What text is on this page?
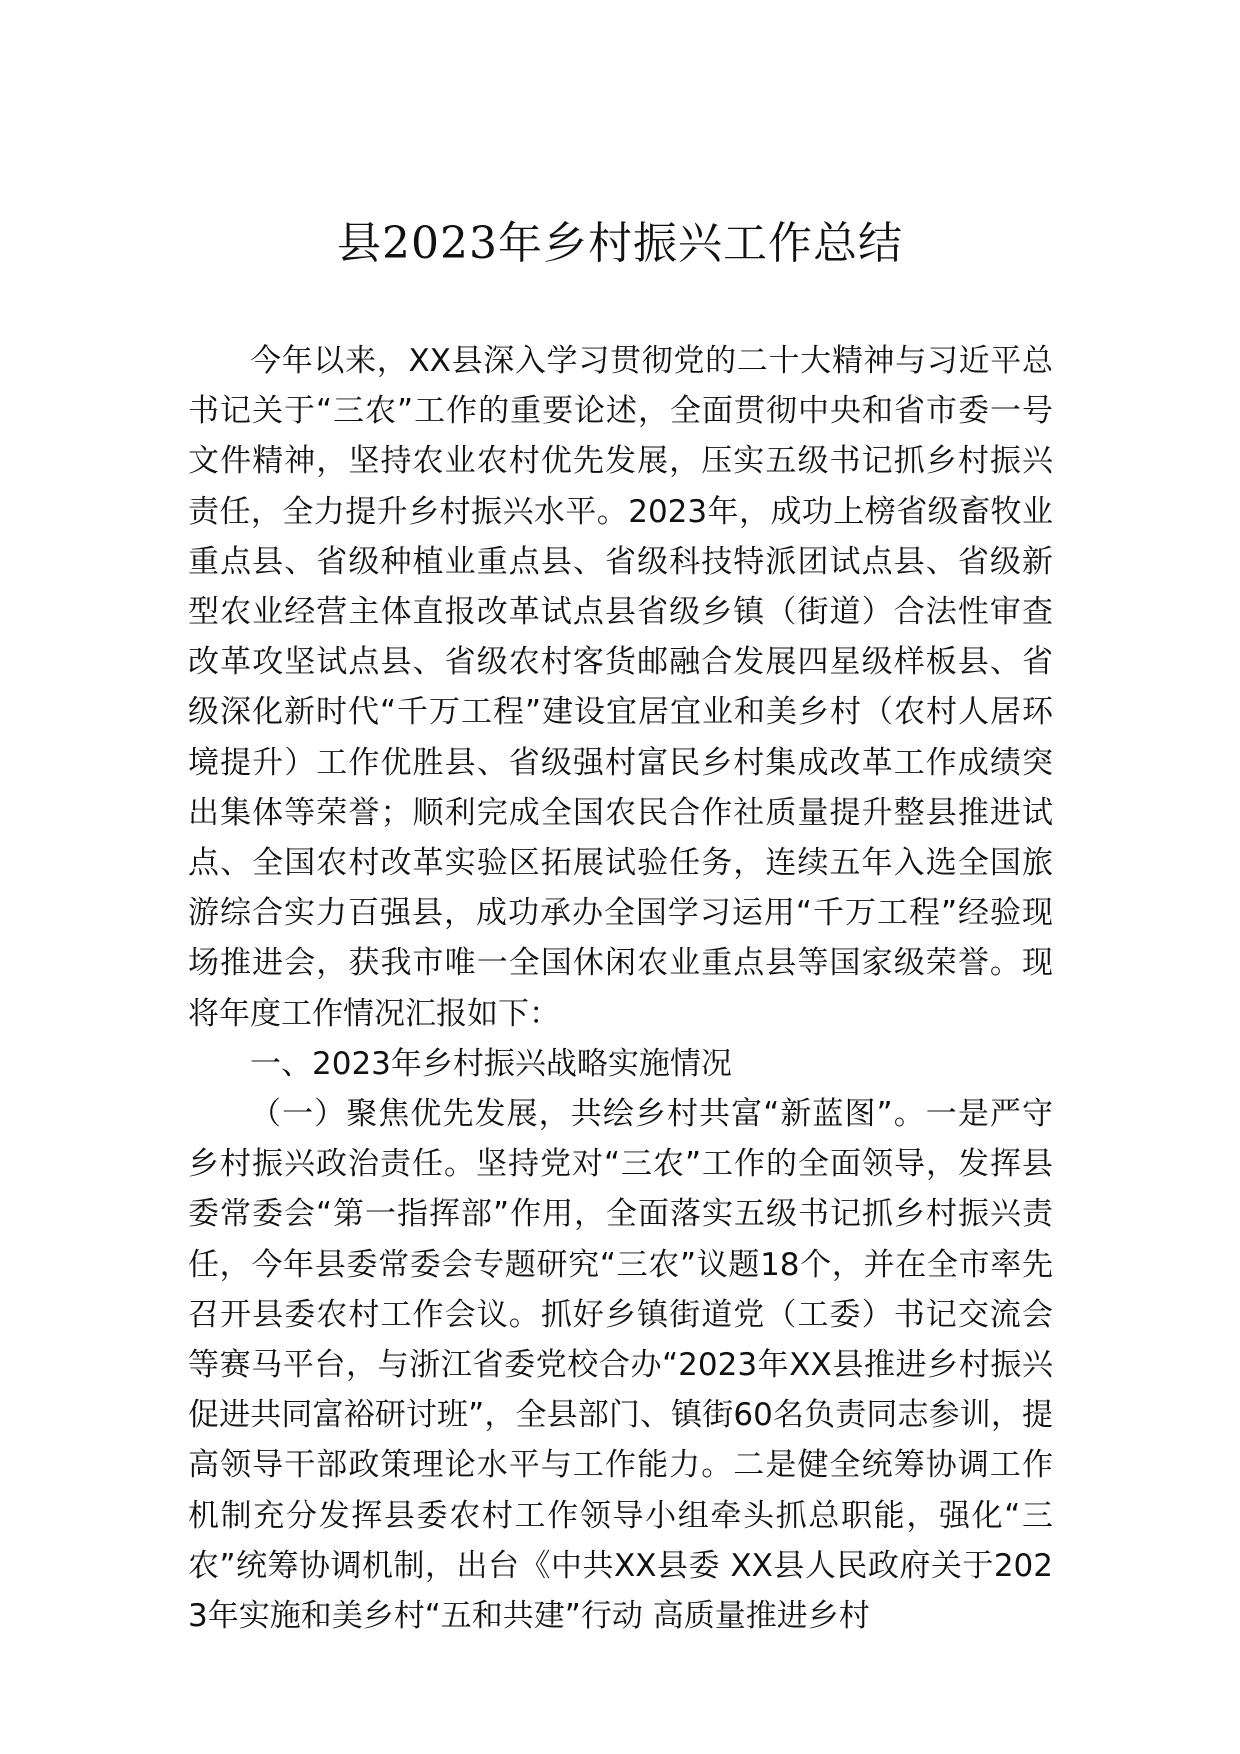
县2023年乡村振兴工作总结

今年以来，XX县深入学习贯彻党的二十大精神与习近平总书记关于“三农”工作的重要论述，全面贯彻中央和省市委一号文件精神，坚持农业农村优先发展，压实五级书记抓乡村振兴责任，全力提升乡村振兴水平。2023年，成功上榜省级畜牧业重点县、省级种植业重点县、省级科技特派团试点县、省级新型农业经营主体直报改革试点县省级乡镇（街道）合法性审查改革攻坚试点县、省级农村客货邮融合发展四星级样板县、省级深化新时代“千万工程”建设宜居宜业和美乡村（农村人居环境提升）工作优胜县、省级强村富民乡村集成改革工作成绩突出集体等荣誉；顺利完成全国农民合作社质量提升整县推进试点、全国农村改革实验区拓展试验任务，连续五年入选全国旅游综合实力百强县，成功承办全国学习运用“千万工程”经验现场推进会，获我市唯一全国休闲农业重点县等国家级荣誉。现将年度工作情况汇报如下：

一、2023年乡村振兴战略实施情况

（一）聚焦优先发展，共绘乡村共富“新蓝图”。一是严守乡村振兴政治责任。坚持党对“三农”工作的全面领导，发挥县委常委会“第一指挥部”作用，全面落实五级书记抓乡村振兴责任，今年县委常委会专题研究“三农”议题18个，并在全市率先召开县委农村工作会议。抓好乡镇街道党（工委）书记交流会等赛马平台，与浙江省委党校合办“2023年XX县推进乡村振兴促进共同富裕研讨班”，全县部门、镇街60名负责同志参训，提高领导干部政策理论水平与工作能力。二是健全统筹协调工作机制充分发挥县委农村工作领导小组牵头抓总职能，强化“三农”统筹协调机制，出台《中共XX县委 XX县人民政府关于2023年实施和美乡村“五和共建”行动 高质量推进乡村
